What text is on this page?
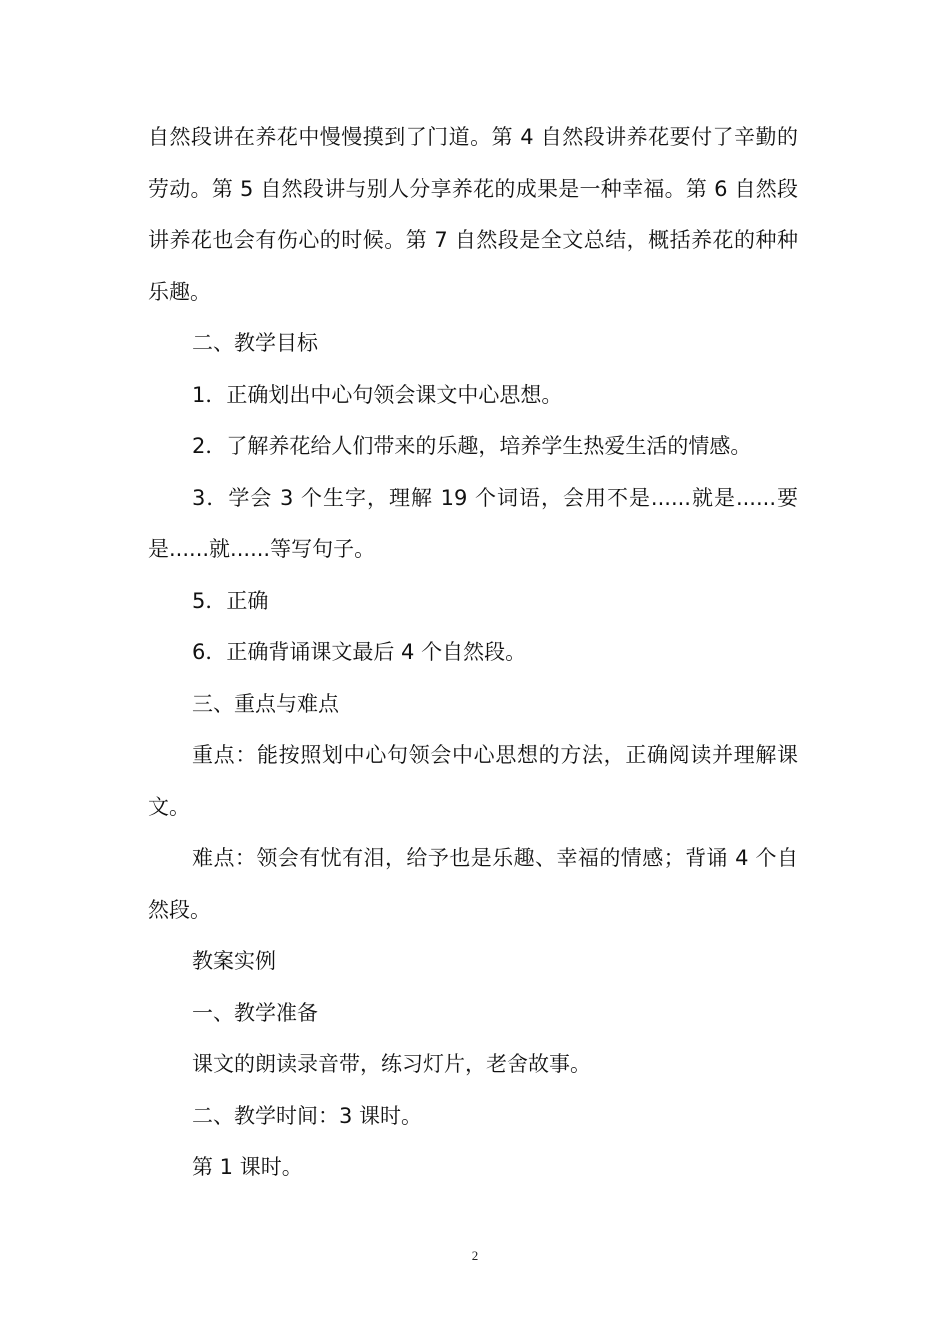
自然段讲在养花中慢慢摸到了门道。第 4 自然段讲养花要付了辛勤的劳动。第 5 自然段讲与别人分享养花的成果是一种幸福。第 6 自然段讲养花也会有伤心的时候。第 7 自然段是全文总结，概括养花的种种乐趣。

二、教学目标

1．正确划出中心句领会课文中心思想。

2．了解养花给人们带来的乐趣，培养学生热爱生活的情感。

3．学会 3 个生字，理解 19 个词语，会用不是......就是......要是......就......等写句子。

5．正确

6．正确背诵课文最后 4 个自然段。

三、重点与难点

重点：能按照划中心句领会中心思想的方法，正确阅读并理解课文。

难点：领会有忧有泪，给予也是乐趣、幸福的情感；背诵 4 个自然段。

教案实例

一、教学准备

课文的朗读录音带，练习灯片，老舍故事。

二、教学时间：3 课时。

第 1 课时。

2
